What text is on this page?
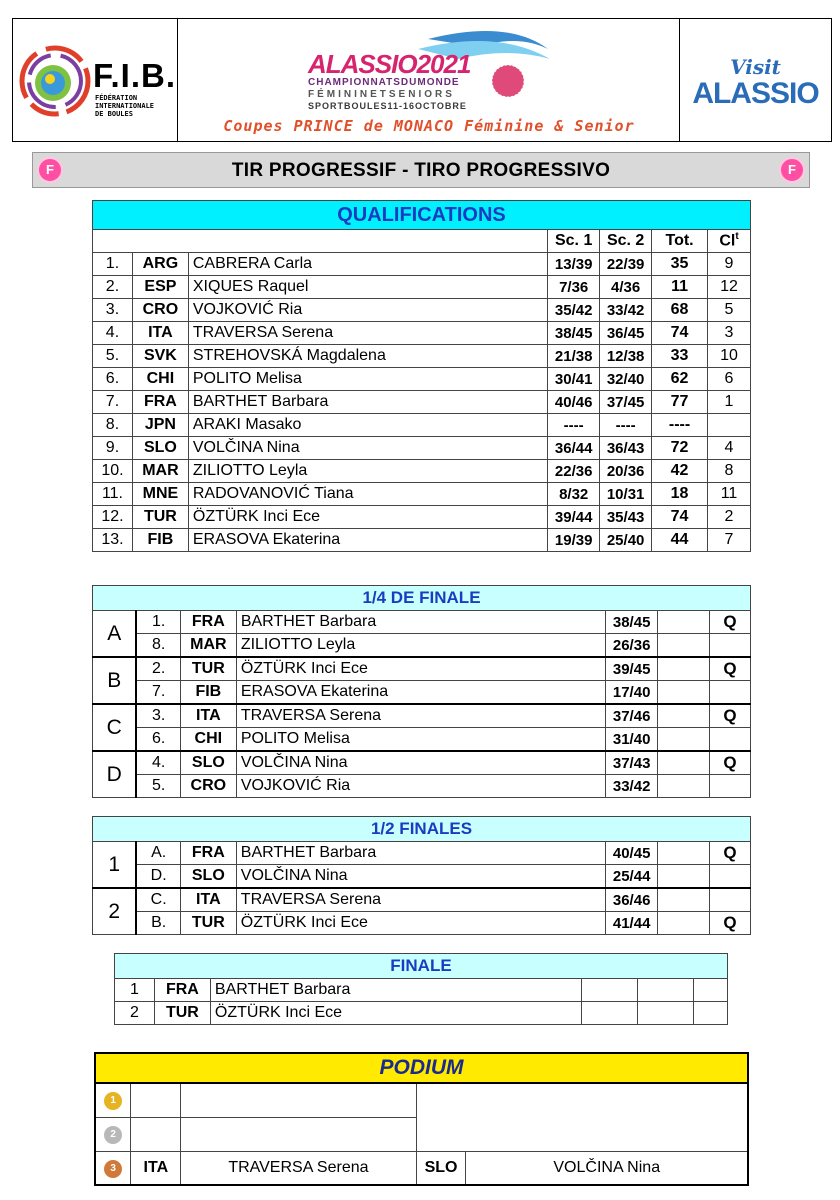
F.I.B.
FÉDÉRATION
INTERNATIONALE
DE BOULES
ALASSIO2021
CHAMPIONNATSDUMONDE
FÉMININETSENIORS
SPORTBOULES11-16OCTOBRE
Coupes PRINCE de MONACO Féminine & Senior
Visit
ALASSIO
F	TIR PROGRESSIF - TIRO PROGRESSIVO	F
QUALIFICATIONS						
			Sc. 1	Sc. 2	Tot.	Cl$^t$
1.	ARG	CABRERA Carla	13/39	22/39	35	9
2.	ESP	XIQUES Raquel	7/36	4/36	11	12
3.	CRO	VOJKOVIĆ Ria	35/42	33/42	68	5
4.	ITA	TRAVERSA Serena	38/45	36/45	74	3
5.	SVK	STREHOVSKÁ Magdalena	21/38	12/38	33	10
6.	CHI	POLITO Melisa	30/41	32/40	62	6
7.	FRA	BARTHET Barbara	40/46	37/45	77	1
8.	JPN	ARAKI Masako	----	----	----	
9.	SLO	VOLČINA Nina	36/44	36/43	72	4
10.	MAR	ZILIOTTO Leyla	22/36	20/36	42	8
11.	MNE	RADOVANOVIĆ Tiana	8/32	10/31	18	11
12.	TUR	ÖZTÜRK Inci Ece	39/44	35/43	74	2
13.	FIB	ERASOVA Ekaterina	19/39	25/40	44	7
1/4 DE FINALE						
A	1.	FRA	BARTHET Barbara	38/45		Q
	8.	MAR	ZILIOTTO Leyla	26/36		
B	2.	TUR	ÖZTÜRK Inci Ece	39/45		Q
	7.	FIB	ERASOVA Ekaterina	17/40		
C	3.	ITA	TRAVERSA Serena	37/46		Q
	6.	CHI	POLITO Melisa	31/40		
D	4.	SLO	VOLČINA Nina	37/43		Q
	5.	CRO	VOJKOVIĆ Ria	33/42		
1/2 FINALES						
1	A.	FRA	BARTHET Barbara	40/45		Q
	D.	SLO	VOLČINA Nina	25/44		
2	C.	ITA	TRAVERSA Serena	36/46		
	B.	TUR	ÖZTÜRK Inci Ece	41/44		Q
FINALE					
1	FRA	BARTHET Barbara			
2	TUR	ÖZTÜRK Inci Ece			
PODIUM				
1				
2				
3	ITA	TRAVERSA Serena	SLO	VOLČINA Nina
